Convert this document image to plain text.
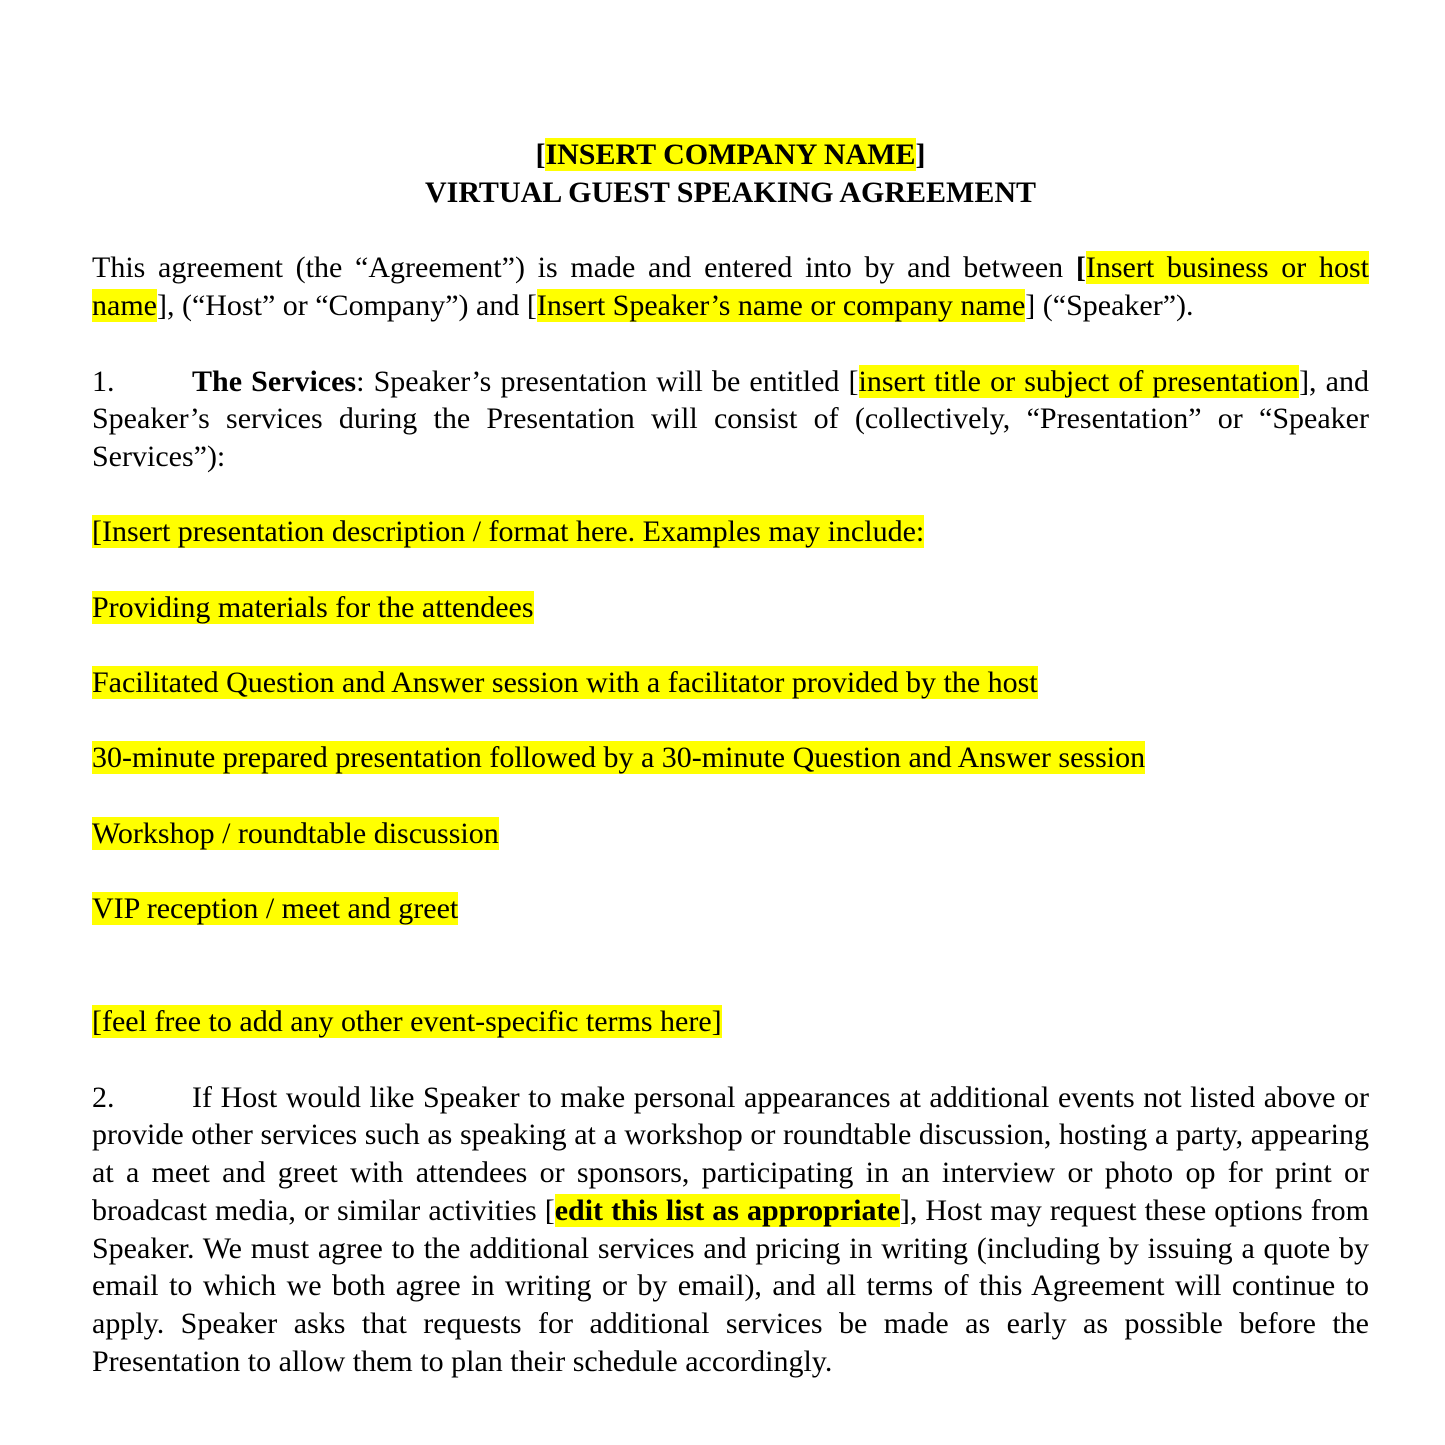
[INSERT COMPANY NAME]
VIRTUAL GUEST SPEAKING AGREEMENT

This agreement (the “Agreement”) is made and entered into by and between [Insert business or host name], (“Host” or “Company”) and [Insert Speaker’s name or company name] (“Speaker”).

1.	The Services: Speaker’s presentation will be entitled [insert title or subject of presentation], and Speaker’s services during the Presentation will consist of (collectively, “Presentation” or “Speaker Services”):

[Insert presentation description / format here. Examples may include:

Providing materials for the attendees

Facilitated Question and Answer session with a facilitator provided by the host

30-minute prepared presentation followed by a 30-minute Question and Answer session

Workshop / roundtable discussion

VIP reception / meet and greet

[feel free to add any other event-specific terms here]

2.	If Host would like Speaker to make personal appearances at additional events not listed above or provide other services such as speaking at a workshop or roundtable discussion, hosting a party, appearing at a meet and greet with attendees or sponsors, participating in an interview or photo op for print or broadcast media, or similar activities [edit this list as appropriate], Host may request these options from Speaker. We must agree to the additional services and pricing in writing (including by issuing a quote by email to which we both agree in writing or by email), and all terms of this Agreement will continue to apply. Speaker asks that requests for additional services be made as early as possible before the Presentation to allow them to plan their schedule accordingly.
